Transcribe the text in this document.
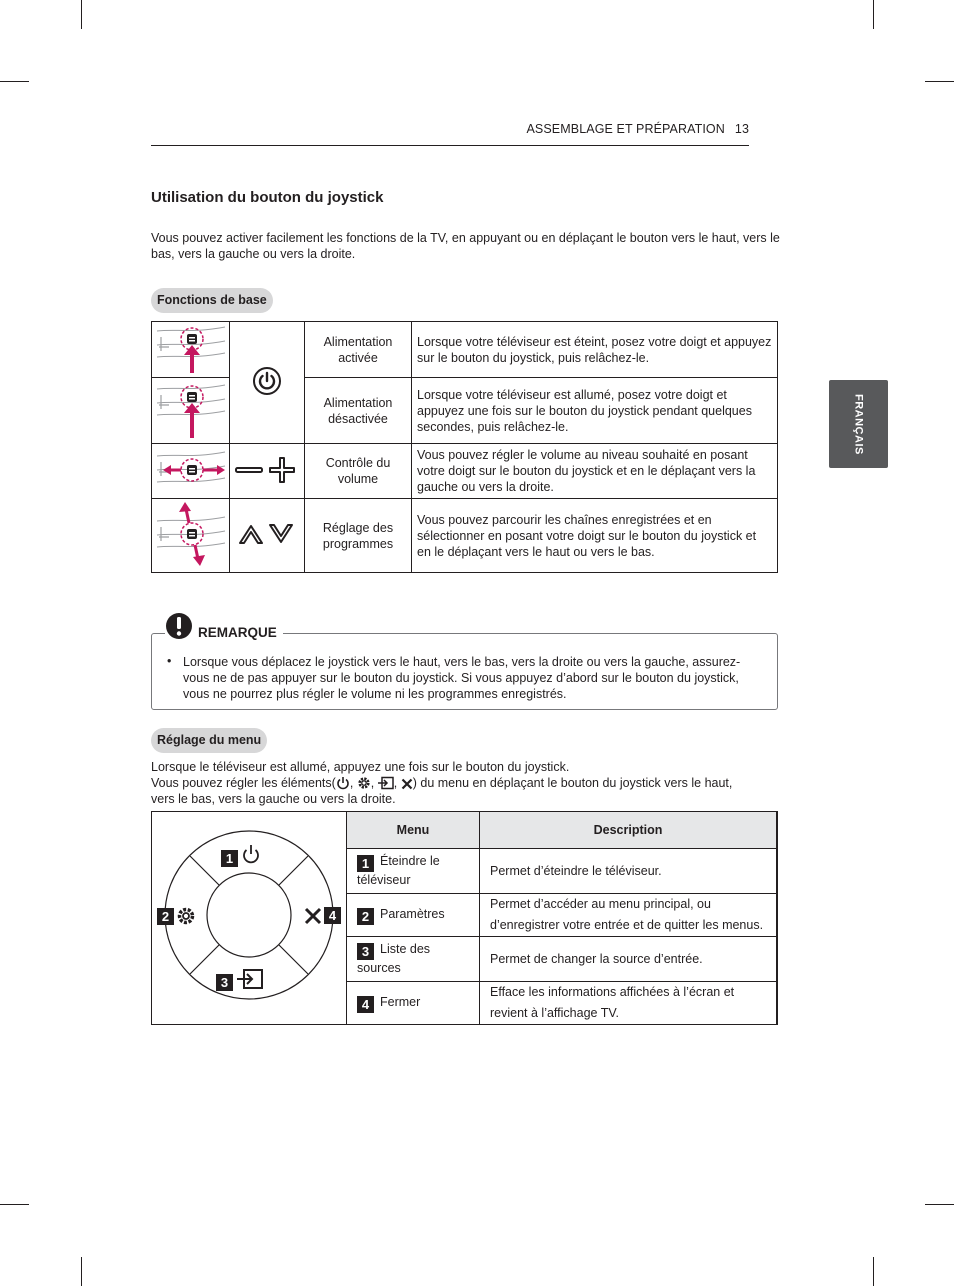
ASSEMBLAGE ET PRÉPARATION 13
FRANÇAIS
Utilisation du bouton du joystick

Vous pouvez activer facilement les fonctions de la TV, en appuyant ou en déplaçant le bouton vers le haut, vers le bas, vers la gauche ou vers la droite.

Fonctions de base
		Alimentation activée	Lorsque votre téléviseur est éteint, posez votre doigt et appuyez sur le bouton du joystick, puis relâchez-le.
	Alimentation désactivée	Lorsque votre téléviseur est allumé, posez votre doigt et appuyez une fois sur le bouton du joystick pendant quelques secondes, puis relâchez-le.
		Contrôle du volume	Vous pouvez régler le volume au niveau souhaité en posant votre doigt sur le bouton du joystick et en le déplaçant vers la gauche ou vers la droite.
		Réglage des programmes	Vous pouvez parcourir les chaînes enregistrées et en sélectionner en posant votre doigt sur le bouton du joystick et en le déplaçant vers le haut ou vers le bas.
REMARQUE
• Lorsque vous déplacez le joystick vers le haut, vers le bas, vers la droite ou vers la gauche, assurez-vous ne de pas appuyer sur le bouton du joystick. Si vous appuyez d’abord sur le bouton du joystick, vous ne pourrez plus régler le volume ni les programmes enregistrés.

Réglage du menu

Lorsque le téléviseur est allumé, appuyez une fois sur le bouton du joystick.
Vous pouvez régler les éléments( , , , ) du menu en déplaçant le bouton du joystick vers le haut,
vers le bas, vers la gauche ou vers la droite.

1
2
3
4
Menu	Description
1 Éteindre le téléviseur	Permet d’éteindre le téléviseur.
2 Paramètres	Permet d’accéder au menu principal, ou d’enregistrer votre entrée et de quitter les menus.
3 Liste des sources	Permet de changer la source d’entrée.
4 Fermer	Efface les informations affichées à l’écran et revient à l’affichage TV.
